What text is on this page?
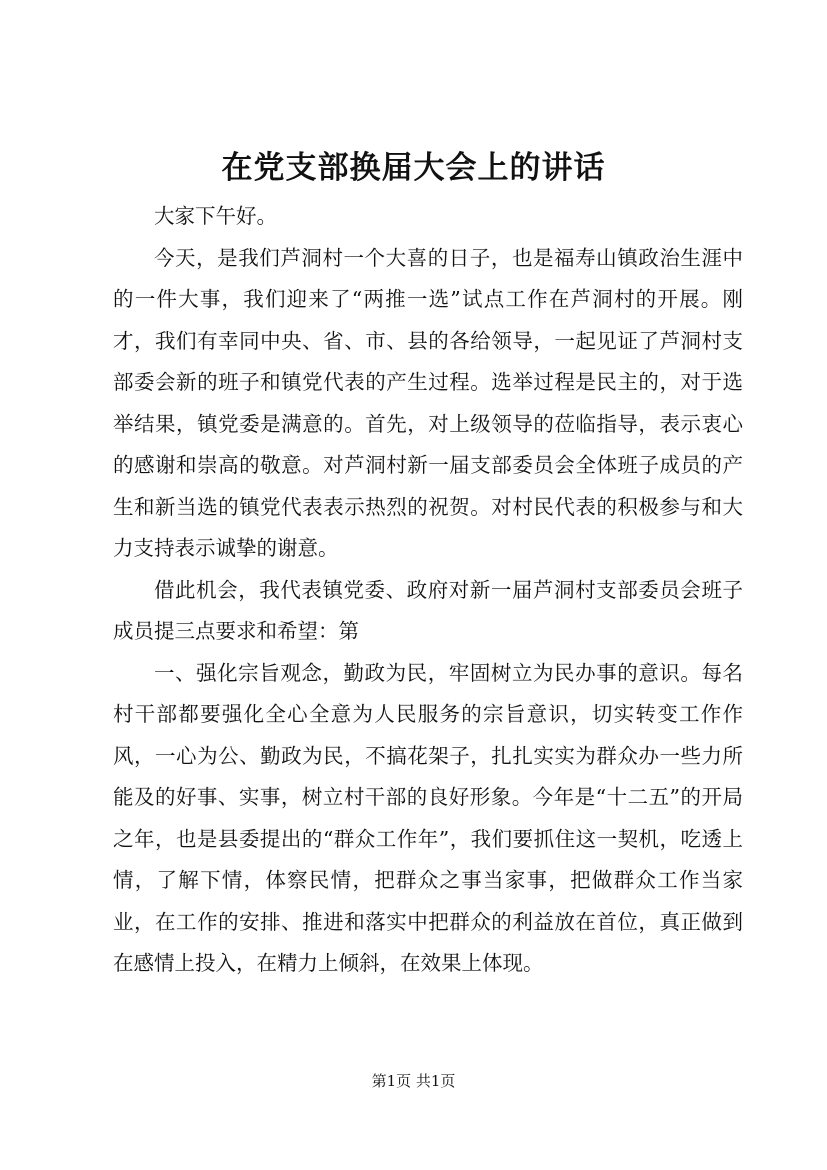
在党支部换届大会上的讲话

大家下午好。

今天，是我们芦洞村一个大喜的日子，也是福寿山镇政治生涯中的一件大事，我们迎来了“两推一选”试点工作在芦洞村的开展。刚才，我们有幸同中央、省、市、县的各给领导，一起见证了芦洞村支部委会新的班子和镇党代表的产生过程。选举过程是民主的，对于选举结果，镇党委是满意的。首先，对上级领导的莅临指导，表示衷心的感谢和崇高的敬意。对芦洞村新一届支部委员会全体班子成员的产生和新当选的镇党代表表示热烈的祝贺。对村民代表的积极参与和大力支持表示诚挚的谢意。

借此机会，我代表镇党委、政府对新一届芦洞村支部委员会班子成员提三点要求和希望：第

一、强化宗旨观念，勤政为民，牢固树立为民办事的意识。每名村干部都要强化全心全意为人民服务的宗旨意识，切实转变工作作风，一心为公、勤政为民，不搞花架子，扎扎实实为群众办一些力所能及的好事、实事，树立村干部的良好形象。今年是“十二五”的开局之年，也是县委提出的“群众工作年”，我们要抓住这一契机，吃透上情，了解下情，体察民情，把群众之事当家事，把做群众工作当家业，在工作的安排、推进和落实中把群众的利益放在首位，真正做到在感情上投入，在精力上倾斜，在效果上体现。

第1页 共1页
